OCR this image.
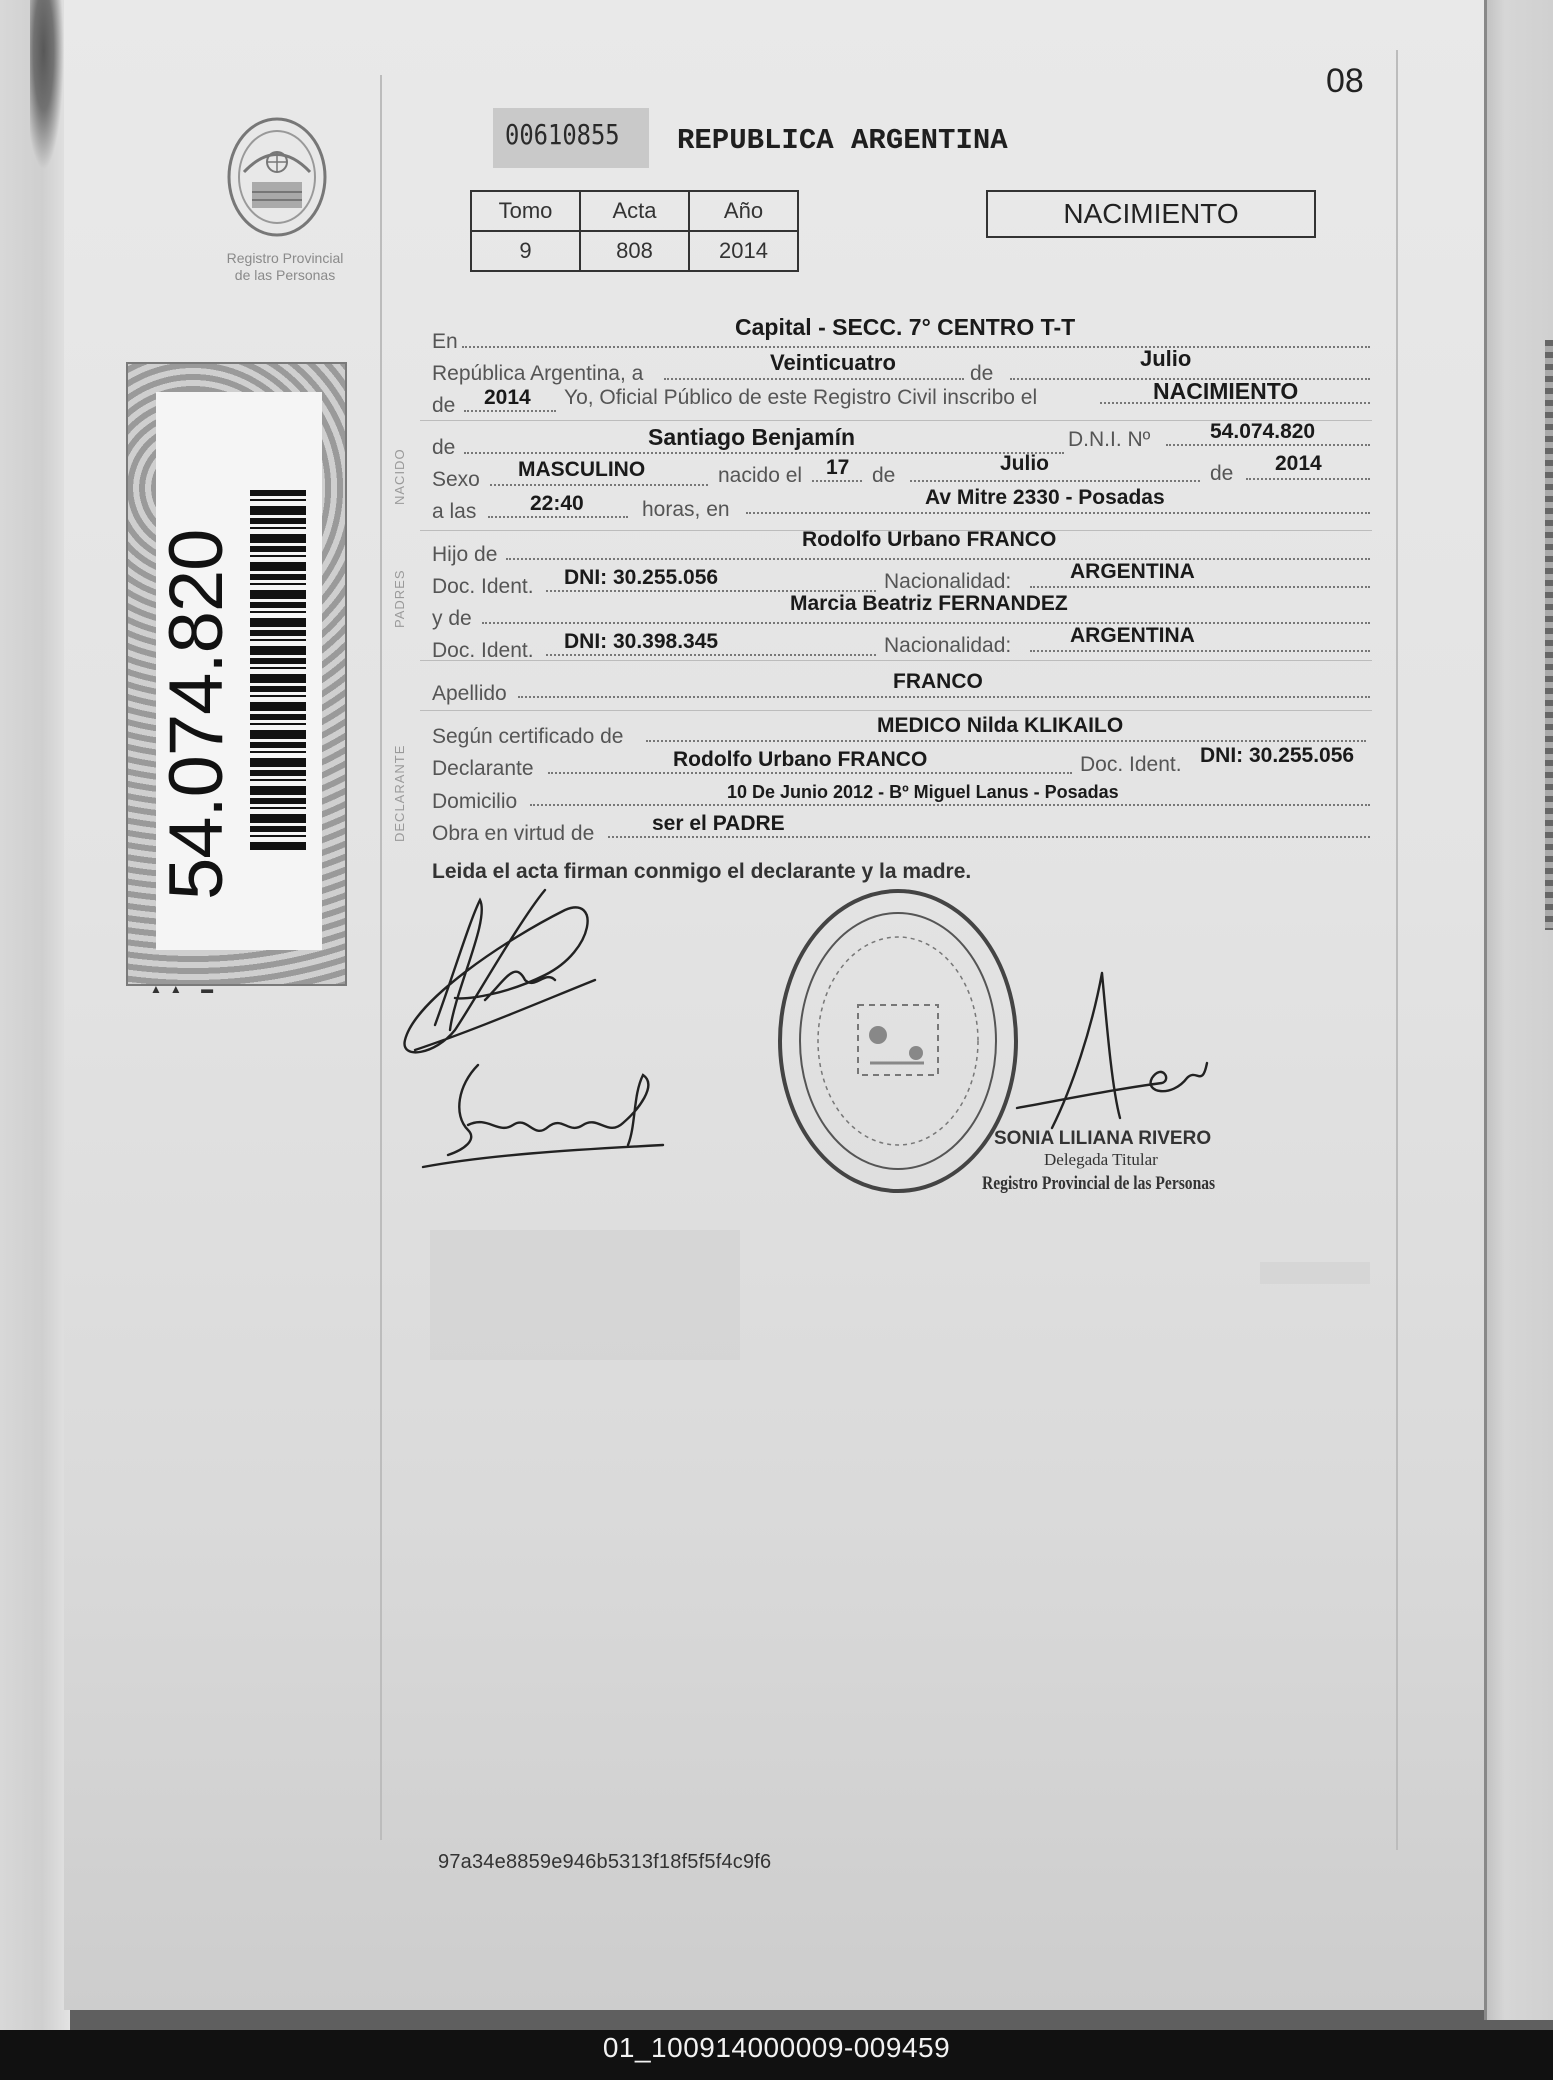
08
Registro Provincial
de las Personas
54.074.820
▲▲ ▬
00610855 REPUBLICA ARGENTINA
Tomo	Acta	Año
9	808	2014
NACIMIENTO
NACIDO
PADRES
DECLARANTE
En
Capital - SECC. 7° CENTRO T-T
República Argentina, a	Veinticuatro	de
Julio
de 2014 Yo, Oficial Público de este Registro Civil inscribo el	NACIMIENTO
de	Santiago Benjamín	D.N.I. Nº	54.074.820
Sexo MASCULINO	nacido el 17 de
Julio	de 2014
a las	22:40	horas, en
Av Mitre 2330 - Posadas
Hijo de
Rodolfo Urbano FRANCO
Doc. Ident. DNI: 30.255.056	Nacionalidad:	ARGENTINA
y de
Marcia Beatriz FERNANDEZ
Doc. Ident. DNI: 30.398.345	Nacionalidad:	ARGENTINA
Apellido
FRANCO
Según certificado de	MEDICO Nilda KLIKAILO
Declarante	Rodolfo Urbano FRANCO	Doc. Ident. DNI: 30.255.056
Domicilio	10 De Junio 2012 - Bº Miguel Lanus - Posadas
Obra en virtud de	ser el PADRE
Leida el acta firman conmigo el declarante y la madre.
SONIA LILIANA RIVERO
Delegada Titular
Registro Provincial de las Personas
97a34e8859e946b5313f18f5f5f4c9f6
01_100914000009-009459
